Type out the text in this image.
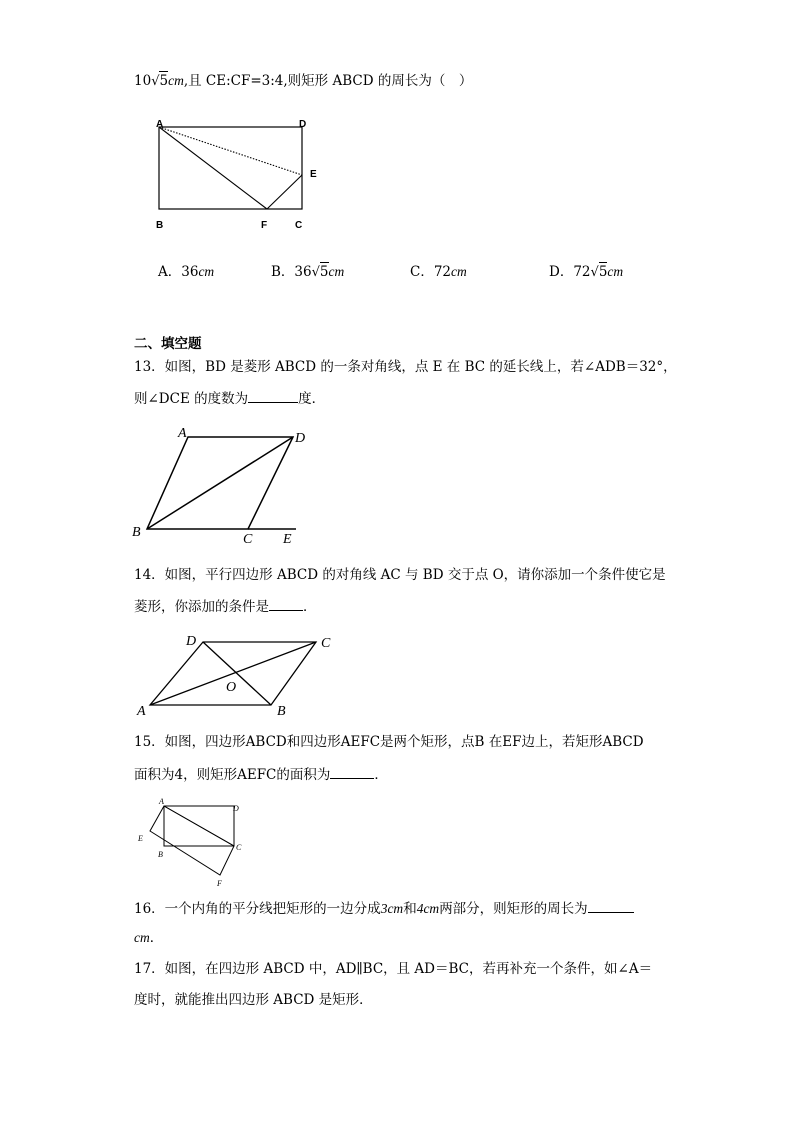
10√5cm,且 CE:CF=3:4,则矩形 ABCD 的周长为（　）
A	D
E
B	F	C
A．36cm	B．36√5cm	C．72cm	D．72√5cm
二、填空题
13．如图，BD 是菱形 ABCD 的一条对角线，点 E 在 BC 的延长线上，若∠ADB＝32°，
则∠DCE 的度数为	度．
A	D
B	C E
14．如图，平行四边形 ABCD 的对角线 AC 与 BD 交于点 O，请你添加一个条件使它是
菱形，你添加的条件是	．
D	C
O
A	B
15．如图，四边形ABCD和四边形AEFC是两个矩形，点B 在EF边上，若矩形ABCD
面积为4，则矩形AEFC的面积为	．
A
D
E
B
C
F
16．一个内角的平分线把矩形的一边分成3cm和4cm两部分，则矩形的周长为
cm．
17．如图，在四边形 ABCD 中，AD∥BC，且 AD＝BC，若再补充一个条件，如∠A＝
度时，就能推出四边形 ABCD 是矩形．
